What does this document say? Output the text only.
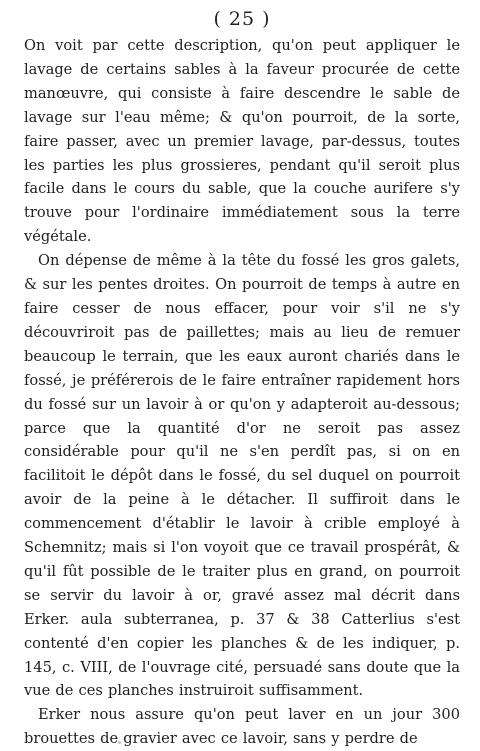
( 25 )

On voit par cette description, qu'on peut appliquer le lavage de certains sables à la faveur procurée de cette manœuvre, qui consiste à faire descendre le sable de lavage sur l'eau même; & qu'on pourroit, de la sorte, faire passer, avec un premier lavage, par-dessus, toutes les parties les plus grossieres, pendant qu'il seroit plus facile dans le cours du sable, que la couche aurifere s'y trouve pour l'ordinaire immédiatement sous la terre végétale.

On dépense de même à la tête du fossé les gros galets, & sur les pentes droites. On pourroit de temps à autre en faire cesser de nous effacer, pour voir s'il ne s'y découvriroit pas de paillettes; mais au lieu de remuer beaucoup le terrain, que les eaux auront chariés dans le fossé, je préférerois de le faire entraîner rapidement hors du fossé sur un lavoir à or qu'on y adapteroit au-dessous; parce que la quantité d'or ne seroit pas assez considérable pour qu'il ne s'en perdît pas, si on en facilitoit le dépôt dans le fossé, du sel duquel on pourroit avoir de la peine à le détacher. Il suffiroit dans le commencement d'établir le lavoir à crible employé à Schemnitz; mais si l'on voyoit que ce travail prospérât, & qu'il fût possible de le traiter plus en grand, on pourroit se servir du lavoir à or, gravé assez mal décrit dans Erker. aula subterranea, p. 37 & 38 Catterlius s'est contenté d'en copier les planches & de les indiquer, p. 145, c. VIII, de l'ouvrage cité, persuadé sans doute que la vue de ces planches instruiroit suffisamment.

Erker nous assure qu'on peut laver en un jour 300 brouettes de gravier avec ce lavoir, sans y perdre de
